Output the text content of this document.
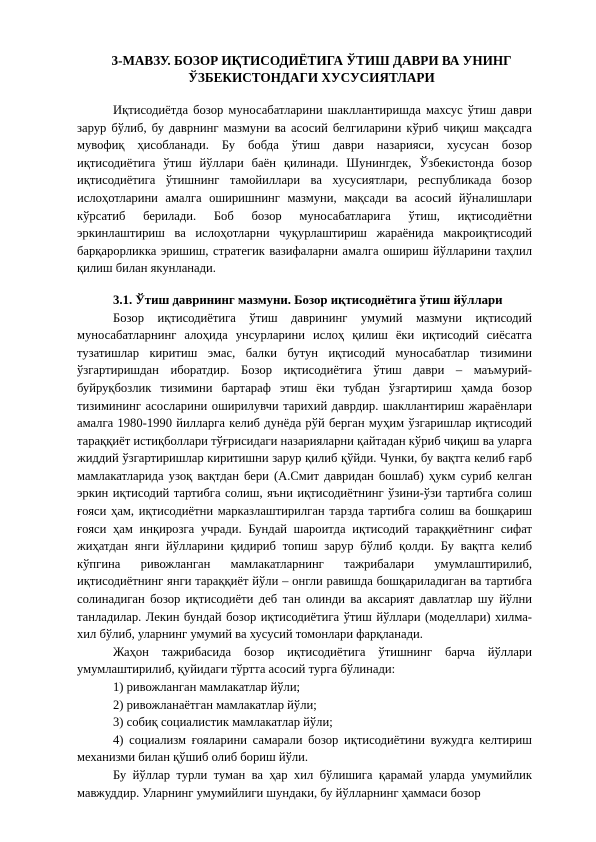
3-МАВЗУ. БОЗОР ИҚТИСОДИЁТИГА ЎТИШ ДАВРИ ВА УНИНГ
ЎЗБЕКИСТОНДАГИ ХУСУСИЯТЛАРИ

Иқтисодиётда бозор муносабатларини шакллантиришда махсус ўтиш даври зарур бўлиб, бу даврнинг мазмуни ва асосий белгиларини кўриб чиқиш мақсадга мувофиқ ҳисобланади. Бу бобда ўтиш даври назарияси, хусусан бозор иқтисодиётига ўтиш йўллари баён қилинади. Шунингдек, Ўзбекистонда бозор иқтисодиётига ўтишнинг тамойиллари ва хусусиятлари, республикада бозор ислоҳотларини амалга оширишнинг мазмуни, мақсади ва асосий йўналишлари кўрсатиб берилади. Боб бозор муносабатларига ўтиш, иқтисодиётни эркинлаштириш ва ислоҳотларни чуқурлаштириш жараёнида макроиқтисодий барқарорликка эришиш, стратегик вазифаларни амалга ошириш йўлларини таҳлил қилиш билан якунланади.

3.1. Ўтиш даврининг мазмуни. Бозор иқтисодиётига ўтиш йўллари

Бозор иқтисодиётига ўтиш даврининг умумий мазмуни иқтисодий муносабатларнинг алоҳида унсурларини ислоҳ қилиш ёки иқтисодий сиёсатга тузатишлар киритиш эмас, балки бутун иқтисодий муносабатлар тизимини ўзгартиришдан иборатдир. Бозор иқтисодиётига ўтиш даври – маъмурий-буйруқбозлик тизимини бартараф этиш ёки тубдан ўзгартириш ҳамда бозор тизимининг асосларини оширилувчи тарихий даврдир. шакллантириш жараёнлари амалга 1980-1990 йилларга келиб дунёда рўй берган муҳим ўзгаришлар иқтисодий тараққиёт истиқболлари тўғрисидаги назарияларни қайтадан кўриб чиқиш ва уларга жиддий ўзгартиришлар киритишни зарур қилиб қўйди. Чунки, бу вақтга келиб ғарб мамлакатларида узоқ вақтдан бери (А.Смит давридан бошлаб) ҳукм суриб келган эркин иқтисодий тартибга солиш, яъни иқтисодиётнинг ўзини-ўзи тартибга солиш ғояси ҳам, иқтисодиётни марказлаштирилган тарзда тартибга солиш ва бошқариш ғояси ҳам инқирозга учради. Бундай шароитда иқтисодий тараққиётнинг сифат жиҳатдан янги йўлларини қидириб топиш зарур бўлиб қолди. Бу вақтга келиб кўпгина ривожланган мамлакатларнинг тажрибалари умумлаштирилиб, иқтисодиётнинг янги тараққиёт йўли – онгли равишда бошқариладиган ва тартибга солинадиган бозор иқтисодиёти деб тан олинди ва аксарият давлатлар шу йўлни танладилар. Лекин бундай бозор иқтисодиётига ўтиш йўллари (моделлари) хилма-хил бўлиб, уларнинг умумий ва хусусий томонлари фарқланади.

Жаҳон тажрибасида бозор иқтисодиётига ўтишнинг барча йўллари умумлаштирилиб, қуйидаги тўртта асосий турга бўлинади:

1) ривожланган мамлакатлар йўли;

2) ривожланаётган мамлакатлар йўли;

3) собиқ социалистик мамлакатлар йўли;

4) социализм ғояларини самарали бозор иқтисодиётини вужудга келтириш механизми билан қўшиб олиб бориш йўли.

Бу йўллар турли туман ва ҳар хил бўлишига қарамай уларда умумийлик мавжуддир. Уларнинг умумийлиги шундаки, бу йўлларнинг ҳаммаси бозор
